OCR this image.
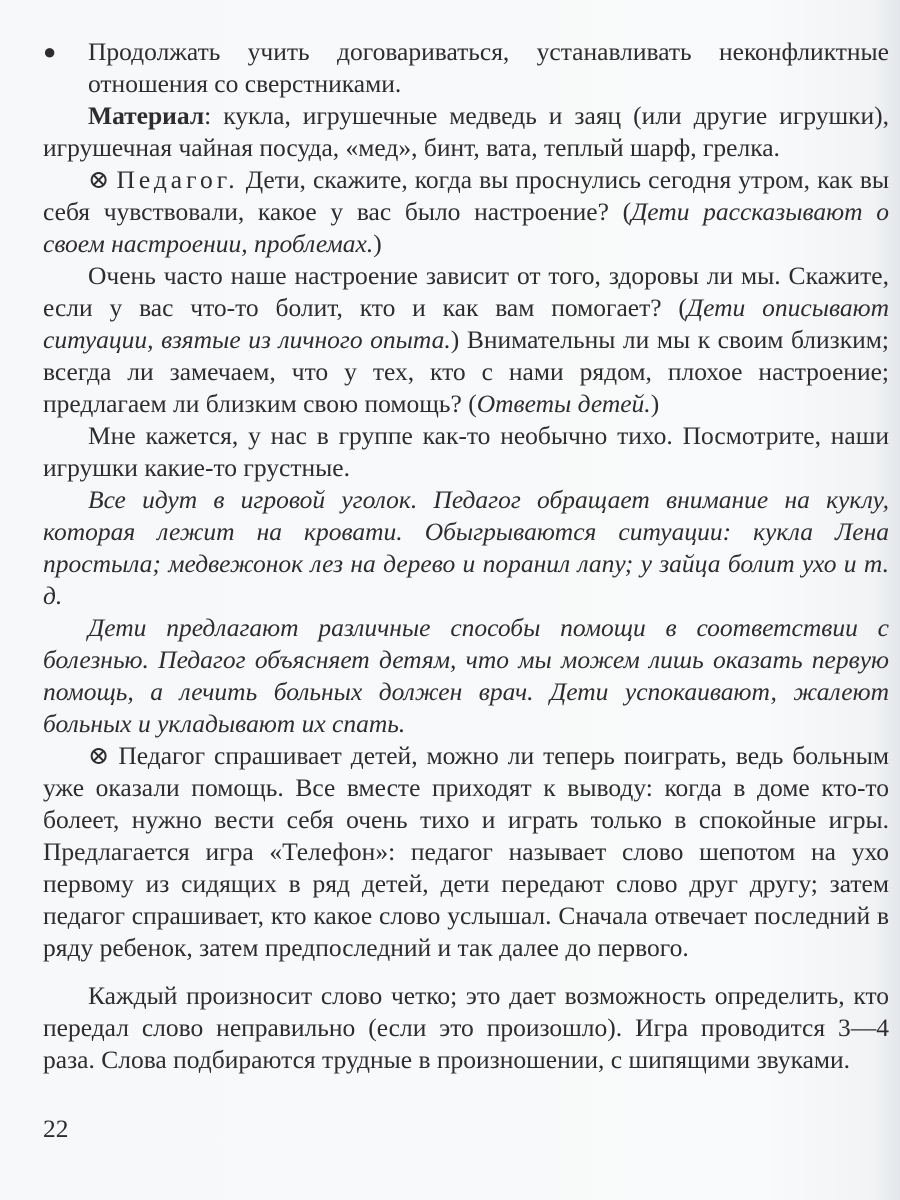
● Продолжать учить договариваться, устанавливать неконфликтные отношения со сверстниками.

Материал: кукла, игрушечные медведь и заяц (или другие игрушки), игрушечная чайная посуда, «мед», бинт, вата, теплый шарф, грелка.

⊗ Педагог. Дети, скажите, когда вы проснулись сегодня утром, как вы себя чувствовали, какое у вас было настроение? (Дети рассказывают о своем настроении, проблемах.)

Очень часто наше настроение зависит от того, здоровы ли мы. Скажите, если у вас что-то болит, кто и как вам помогает? (Дети описывают ситуации, взятые из личного опыта.) Внимательны ли мы к своим близким; всегда ли замечаем, что у тех, кто с нами рядом, плохое настроение; предлагаем ли близким свою помощь? (Ответы детей.)

Мне кажется, у нас в группе как-то необычно тихо. Посмотрите, наши игрушки какие-то грустные.

Все идут в игровой уголок. Педагог обращает внимание на куклу, которая лежит на кровати. Обыгрываются ситуации: кукла Лена простыла; медвежонок лез на дерево и поранил лапу; у зайца болит ухо и т. д.

Дети предлагают различные способы помощи в соответствии с болезнью. Педагог объясняет детям, что мы можем лишь оказать первую помощь, а лечить больных должен врач. Дети успокаивают, жалеют больных и укладывают их спать.

⊗ Педагог спрашивает детей, можно ли теперь поиграть, ведь больным уже оказали помощь. Все вместе приходят к выводу: когда в доме кто-то болеет, нужно вести себя очень тихо и играть только в спокойные игры. Предлагается игра «Телефон»: педагог называет слово шепотом на ухо первому из сидящих в ряд детей, дети передают слово друг другу; затем педагог спрашивает, кто какое слово услышал. Сначала отвечает последний в ряду ребенок, затем предпоследний и так далее до первого.

Каждый произносит слово четко; это дает возможность определить, кто передал слово неправильно (если это произошло). Игра проводится 3—4 раза. Слова подбираются трудные в произношении, с шипящими звуками.

22
